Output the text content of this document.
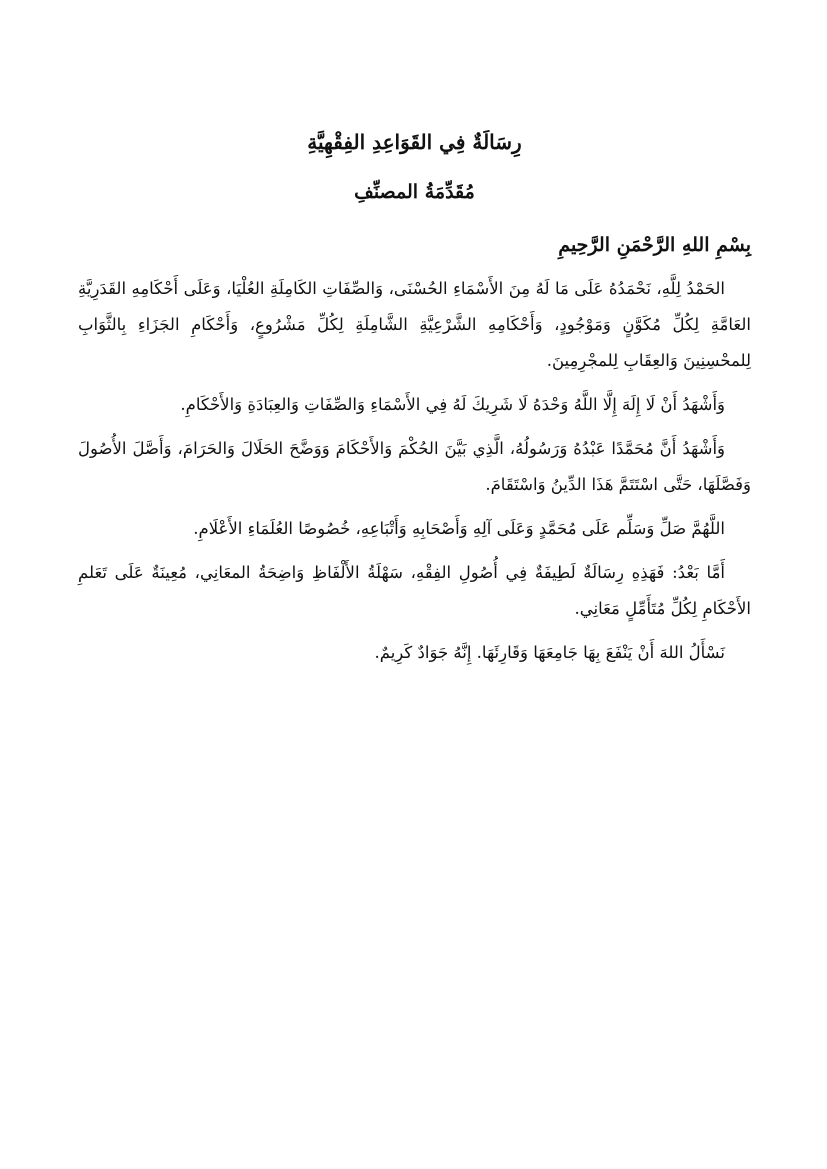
رِسَالَةٌ فِي القَوَاعِدِ الفِقْهِيَّةِ
مُقَدِّمَةُ المصنِّفِ

بِسْمِ اللهِ الرَّحْمَنِ الرَّحِيمِ

الحَمْدُ لِلَّهِ، نَحْمَدُهُ عَلَى مَا لَهُ مِنَ الأَسْمَاءِ الحُسْنَى، وَالصِّفَاتِ الكَامِلَةِ العُلْيَا، وَعَلَى أَحْكَامِهِ القَدَرِيَّةِ العَامَّةِ لِكُلِّ مُكَوَّنٍ وَمَوْجُودٍ، وَأَحْكَامِهِ الشَّرْعِيَّةِ الشَّامِلَةِ لِكُلِّ مَشْرُوعٍ، وَأَحْكَامِ الجَزَاءِ بِالثَّوَابِ لِلمحْسِنِينَ وَالعِقَابِ لِلمجْرِمِينَ.

وَأَشْهَدُ أَنْ لَا إِلَهَ إِلَّا اللَّهُ وَحْدَهُ لَا شَرِيكَ لَهُ فِي الأَسْمَاءِ وَالصِّفَاتِ وَالعِبَادَةِ وَالأَحْكَامِ.

وَأَشْهَدُ أَنَّ مُحَمَّدًا عَبْدُهُ وَرَسُولُهُ، الَّذِي بَيَّنَ الحُكْمَ وَالأَحْكَامَ وَوَضَّحَ الحَلَالَ وَالحَرَامَ، وَأَصَّلَ الأُصُولَ وَفَصَّلَهَا، حَتَّى اسْتَتَمَّ هَذَا الدِّينُ وَاسْتَقَامَ.

اللَّهُمَّ صَلِّ وَسَلِّم عَلَى مُحَمَّدٍ وَعَلَى آلِهِ وَأَصْحَابِهِ وَأَتْبَاعِهِ، خُصُوصًا العُلَمَاءِ الأَعْلَامِ.

أَمَّا بَعْدُ: فَهَذِهِ رِسَالَةٌ لَطِيفَةٌ فِي أُصُولِ الفِقْهِ، سَهْلَةُ الأَلْفَاظِ وَاضِحَةُ المعَانِي، مُعِينَةٌ عَلَى تَعَلمِ الأَحْكَامِ لِكُلِّ مُتَأَمِّلٍ مَعَانِي.

نَسْأَلُ اللهَ أَنْ يَنْفَعَ بِهَا جَامِعَهَا وَقَارِئَهَا. إِنَّهُ جَوَادٌ كَرِيمٌ.
